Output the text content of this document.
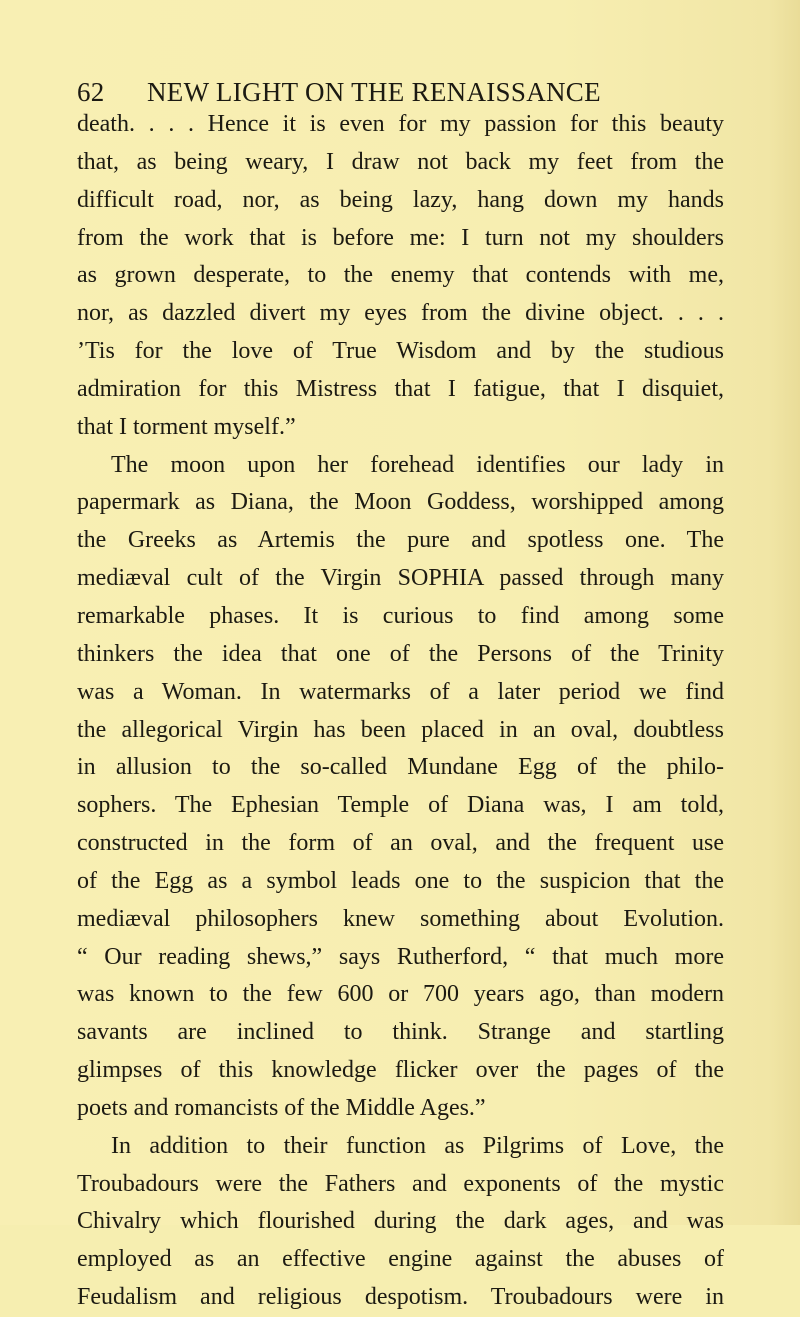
62 NEW LIGHT ON THE RENAISSANCE
death. . . . Hence it is even for my passion for this beauty
that, as being weary, I draw not back my feet from the
difficult road, nor, as being lazy, hang down my hands
from the work that is before me: I turn not my shoulders
as grown desperate, to the enemy that contends with me,
nor, as dazzled divert my eyes from the divine object. . . .
’Tis for the love of True Wisdom and by the studious
admiration for this Mistress that I fatigue, that I disquiet,
that I torment myself.”
The moon upon her forehead identifies our lady in
papermark as Diana, the Moon Goddess, worshipped among
the Greeks as Artemis the pure and spotless one. The
mediæval cult of the Virgin SOPHIA passed through many
remarkable phases. It is curious to find among some
thinkers the idea that one of the Persons of the Trinity
was a Woman. In watermarks of a later period we find
the allegorical Virgin has been placed in an oval, doubtless
in allusion to the so-called Mundane Egg of the philo-
sophers. The Ephesian Temple of Diana was, I am told,
constructed in the form of an oval, and the frequent use
of the Egg as a symbol leads one to the suspicion that the
mediæval philosophers knew something about Evolution.
“ Our reading shews,” says Rutherford, “ that much more
was known to the few 600 or 700 years ago, than modern
savants are inclined to think. Strange and startling
glimpses of this knowledge flicker over the pages of the
poets and romancists of the Middle Ages.”
In addition to their function as Pilgrims of Love, the
Troubadours were the Fathers and exponents of the mystic
Chivalry which flourished during the dark ages, and was
employed as an effective engine against the abuses of
Feudalism and religious despotism. Troubadours were in
